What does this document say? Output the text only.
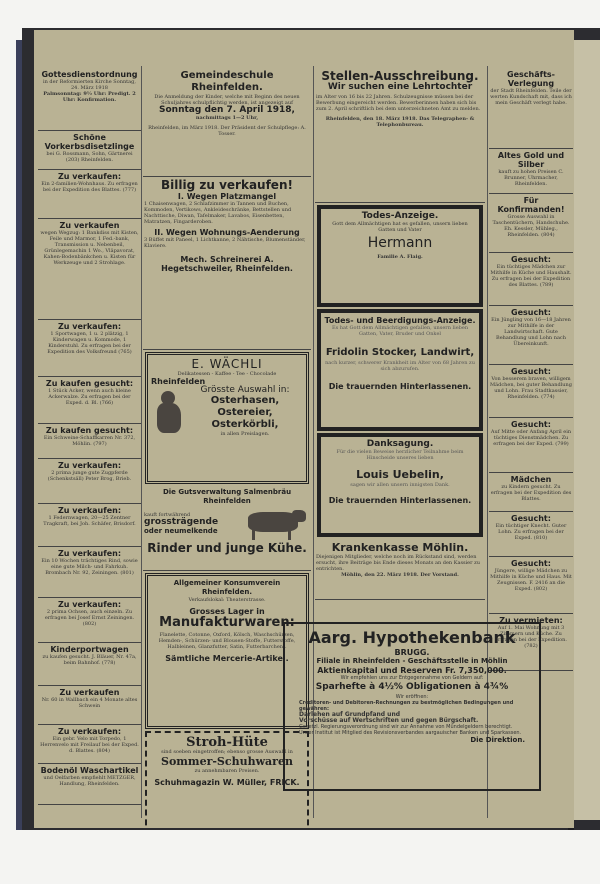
Gottesdienstordnung
in der Reformierten Kirche Sonntag, 24. März 1918
Palmsonntag: 9½ Uhr: Predigt. 2 Uhr: Konfirmation.
Schöne Vorkerbsdisetzlinge
bei G. Rossmann, Sohn, Gärtnerei (203) Rheinfelden.
Zu verkaufen:
Ein 2-familien-Wohnhaus. Zu erfragen bei der Expedition des Blattes. (777)
Zu verkaufen
wegen Wegzug: 1 Bankdiss mit Kisten, Feile und Marmor, 1 Fed.-bank, Transmission u. Nebenbeil, Grünlegemachin 1 Wo., Vläpavorat, Kahen-Bodenbänkchen u. Kisten für Werkzeuge und 2 Strohlage.
Zu verkaufen:
1 Sportwagen, 1 u. 2 plätzig, 1 Kinderwagen u. Kommode, 1 Kinderstuhl. Zu erfragen bei der Expedition des Volksfreund (765)
Zu kaufen gesucht:
1 Stück Acker, wenn auch kleine Ackerwalze. Zu erfragen bei der Exped. d. Bl. (766)
Zu kaufen gesucht:
Ein Schweine-Schaffkarren Nr. 372, Möhlin. (797)
Zu verkaufen:
2 prima junge gute Zugpferde (Schenkstsäll) Peter Brog, Brieb.
Zu verkaufen:
1 Federnwagen, 20—25 Zentner Tragkraft, bei Joh. Schäfer, Brisdorf.
Zu verkaufen:
Ein 10 Wochen trächtiges Rind, sowie eine gute Milch- und Fahrkuh. Brombach Nr. 92, Zeiningen. (801)
Zu verkaufen:
2 prima Ochsen, auch einzeln. Zu erfragen bei Josef Ernst Zeiningen. (802)
Kinderportwagen
zu kaufen gesucht. J. Bläuer, Nr. 47a, beim Bahnhof. (778)
Zu verkaufen
Nr. 60 in Wallbach ein 4 Monate altes Schwein
Zu verkaufen:
Ein gebr. Velo mit Torpedo, 1 Herrenvelo mit Freilauf bei der Exped. d. Blattes. (804)
Bodenöl Waschartikel
und Oelfarben empfiehlt METZGER, Handlung, Rheinfelden.
Gemeindeschule Rheinfelden.
Die Anmeldung der Kinder, welche mit Beginn des neuen Schuljahres schulpflichtig werden, ist angezeigt auf
Sonntag den 7. April 1918,
nachmittags 1—2 Uhr,
Rheinfelden, im März 1918. Der Präsident der Schulpflege: A. Tosser.
Billig zu verkaufen!
I. Wegen Platzmangel
1 Chaisenwagen, 2 Schlafzimmer in Tannen und Buchen, Kommoden, Vertikows, Ankleideschränke, Bettstellen und Nachttische, Diwan, Tafelmaker, Lavabos, Eisenbetten, Matratzen, Fingarderoben.
II. Wegen Wohnungs-Aenderung
3 Büffet mit Paneel, 1 Lichtkanne, 2 Nähtische, Blumenständer, Klaviere.
Mech. Schreinerei A. Hegetschweiler, Rheinfelden.
E. WÄCHLI
Delikatessen - Kaffee - Tee - Chocolade
Rheinfelden
Grösste Auswahl in:
Osterhasen,
Ostereier,
Osterkörbli,
in allen Preislagen.
Die Gutsverwaltung Salmenbräu Rheinfelden
kauft fortwährend
grossträgende
oder neumelkende
Rinder und junge Kühe.
Allgemeiner Konsumverein Rheinfelden.
Verkaufslokal: Theaterstrasse.
Grosses Lager in
Manufakturwaren:
Flanelette, Cotonne, Oxford, Kölsch, Waschschürzen, Hemden-, Schürzen- und Blousen-Stoffe, Futterstoffe, Halbleinen, Glanzfutter, Satin, Futterbarchent.
Sämtliche Mercerie-Artikel.
Stroh-Hüte
sind soeben eingetroffen; ebenso grosse Auswahl in
Sommer-Schuhwaren
zu annehmbaren Preisen.
Schuhmagazin W. Müller, FRICK.
Stellen-Ausschreibung.
Wir suchen eine Lehrtochter
im Alter von 16 bis 22 Jahren. Schulzeugnisse müssen bei der Bewerbung eingereicht werden. Bewerberinnen haben sich bis zum 2. April schriftlich bei dem unterzeichneten Amt zu melden.
Rheinfelden, den 18. März 1918. Das Telegraphen- & Telephonbureau.
Todes-Anzeige.
Gott dem Allmächtigen hat es gefallen, unsern lieben Gatten und Vater
Hermann
Familie A. Flaig.
Todes- und Beerdigungs-Anzeige.
Es hat Gott dem Allmächtigen gefallen, unsern lieben Gatten, Vater, Bruder und Onkel
Fridolin Stocker, Landwirt,
nach kurzer, schwerer Krankheit im Alter von 68 Jahren zu sich abzurufen.
Die trauernden Hinterlassenen.
Danksagung.
Für die vielen Beweise herzlicher Teilnahme beim Hinscheide unseres lieben
Louis Uebelin,
sagen wir allen unsern innigsten Dank.
Die trauernden Hinterlassenen.
Krankenkasse Möhlin.
Diejenigen Mitglieder, welche noch im Rückstand sind, werden ersucht, ihre Beiträge bis Ende dieses Monats an den Kassier zu entrichten.
Möhlin, den 22. März 1918. Der Vorstand.
Geschäfts-Verlegung
der Stadt Rheinfelden. Teile der werten Kundschaft mit, dass ich mein Geschäft verlegt habe.
Altes Gold und Silber
kauft zu hohen Preisen C. Brunner, Uhrmacher, Rheinfelden.
Für Konfirmanden!
Grosse Auswahl in Taschentüchern, Handschuhe. Eh. Kessler, Mühleg., Rheinfelden. (804)
Gesucht:
Ein tüchtiges Mädchen zur Mithilfe in Küche und Haushalt. Zu erfragen bei der Expedition des Blattes. (789)
Gesucht:
Ein Jüngling von 16—18 Jahren zur Mithilfe in der Landwirtschaft. Gute Behandlung und Lohn nach Übereinkunft.
Gesucht:
Von besserem braven, willigem Mädchen, bei guter Behandlung und Lohn. Frau Stadtkassier, Rheinfelden. (774)
Gesucht:
Auf Mitte oder Anfang April ein tüchtiges Dienstmädchen. Zu erfragen bei der Exped. (799)
Mädchen
zu Kindern gesucht. Zu erfragen bei der Expedition des Blattes.
Gesucht:
Ein tüchtiger Knecht. Guter Lohn. Zu erfragen bei der Exped. (810)
Gesucht:
Jüngere, willige Mädchen zu Mithilfe in Küche und Haus. Mit Zeugnissen. F. 2416 an die Exped. (802)
Zu vermieten:
Auf 1. Mai Wohnung mit 3 Zimmern und Küche. Zu erfragen bei der Expedition. (782)
Aarg. Hypothekenbank
BRUGG.
Filiale in Rheinfelden - Geschäftsstelle in Möhlin
Aktienkapital und Reserven Fr. 7,350,000.
Wir empfehlen uns zur Entgegennahme von Geldern auf:
Sparhefte à 4½% Obligationen à 4¾%
Wir eröffnen:
Creditoren- und Debitoren-Rechnungen zu bestmöglichen Bedingungen und gewähren:
Darlehen auf Grundpfand und
Vorschüsse auf Wertschriften und gegen Bürgschaft.
Gesetzl. Regierungsverordnung sind wir zur Annahme von Mündelgeldern berechtigt.
Unser Institut ist Mitglied des Revisionsverbandes aargauischer Banken und Sparkassen.
Die Direktion.
